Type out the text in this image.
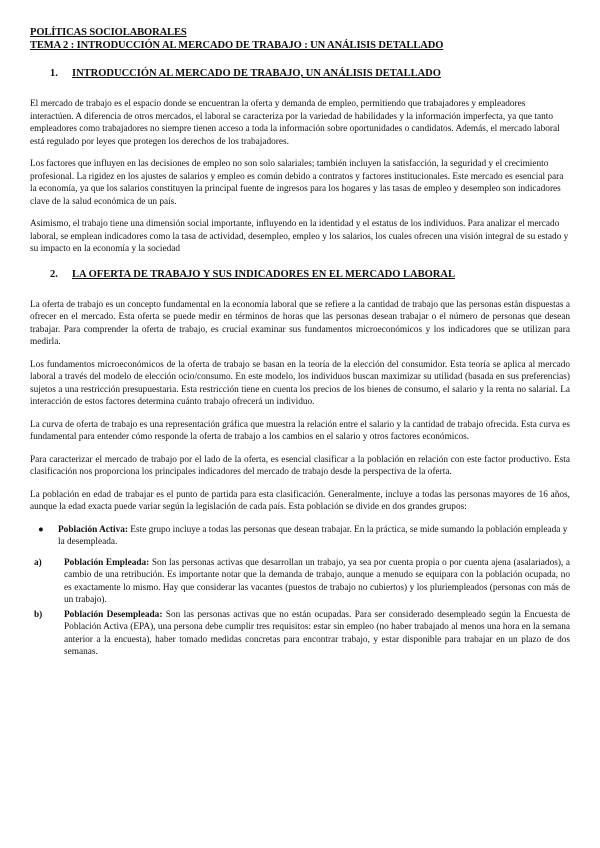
POLÍTICAS SOCIOLABORALES
TEMA 2 : INTRODUCCIÓN AL MERCADO DE TRABAJO : UN ANÁLISIS DETALLADO
1.	INTRODUCCIÓN AL MERCADO DE TRABAJO, UN ANÁLISIS DETALLADO

El mercado de trabajo es el espacio donde se encuentran la oferta y demanda de empleo, permitiendo que trabajadores y empleadores interactúen. A diferencia de otros mercados, el laboral se caracteriza por la variedad de habilidades y la información imperfecta, ya que tanto empleadores como trabajadores no siempre tienen acceso a toda la información sobre oportunidades o candidatos. Además, el mercado laboral está regulado por leyes que protegen los derechos de los trabajadores.

Los factores que influyen en las decisiones de empleo no son solo salariales; también incluyen la satisfacción, la seguridad y el crecimiento profesional. La rigidez en los ajustes de salarios y empleo es común debido a contratos y factores institucionales. Este mercado es esencial para la economía, ya que los salarios constituyen la principal fuente de ingresos para los hogares y las tasas de empleo y desempleo son indicadores clave de la salud económica de un país.

Asimismo, el trabajo tiene una dimensión social importante, influyendo en la identidad y el estatus de los individuos. Para analizar el mercado laboral, se emplean indicadores como la tasa de actividad, desempleo, empleo y los salarios, los cuales ofrecen una visión integral de su estado y su impacto en la economía y la sociedad

2.	LA OFERTA DE TRABAJO Y SUS INDICADORES EN EL MERCADO LABORAL

La oferta de trabajo es un concepto fundamental en la economía laboral que se refiere a la cantidad de trabajo que las personas están dispuestas a ofrecer en el mercado. Esta oferta se puede medir en términos de horas que las personas desean trabajar o el número de personas que desean trabajar. Para comprender la oferta de trabajo, es crucial examinar sus fundamentos microeconómicos y los indicadores que se utilizan para medirla.

Los fundamentos microeconómicos de la oferta de trabajo se basan en la teoría de la elección del consumidor. Esta teoría se aplica al mercado laboral a través del modelo de elección ocio/consumo. En este modelo, los individuos buscan maximizar su utilidad (basada en sus preferencias) sujetos a una restricción presupuestaria. Esta restricción tiene en cuenta los precios de los bienes de consumo, el salario y la renta no salarial. La interacción de estos factores determina cuánto trabajo ofrecerá un individuo.

La curva de oferta de trabajo es una representación gráfica que muestra la relación entre el salario y la cantidad de trabajo ofrecida. Esta curva es fundamental para entender cómo responde la oferta de trabajo a los cambios en el salario y otros factores económicos.

Para caracterizar el mercado de trabajo por el lado de la oferta, es esencial clasificar a la población en relación con este factor productivo. Esta clasificación nos proporciona los principales indicadores del mercado de trabajo desde la perspectiva de la oferta.

La población en edad de trabajar es el punto de partida para esta clasificación. Generalmente, incluye a todas las personas mayores de 16 años, aunque la edad exacta puede variar según la legislación de cada país. Esta población se divide en dos grandes grupos:

●	Población Activa: Este grupo incluye a todas las personas que desean trabajar. En la práctica, se mide sumando la población empleada y la desempleada.
a)	Población Empleada: Son las personas activas que desarrollan un trabajo, ya sea por cuenta propia o por cuenta ajena (asalariados), a cambio de una retribución. Es importante notar que la demanda de trabajo, aunque a menudo se equipara con la población ocupada, no es exactamente lo mismo. Hay que considerar las vacantes (puestos de trabajo no cubiertos) y los pluriempleados (personas con más de un trabajo).
b)	Población Desempleada: Son las personas activas que no están ocupadas. Para ser considerado desempleado según la Encuesta de Población Activa (EPA), una persona debe cumplir tres requisitos: estar sin empleo (no haber trabajado al menos una hora en la semana anterior a la encuesta), haber tomado medidas concretas para encontrar trabajo, y estar disponible para trabajar en un plazo de dos semanas.
